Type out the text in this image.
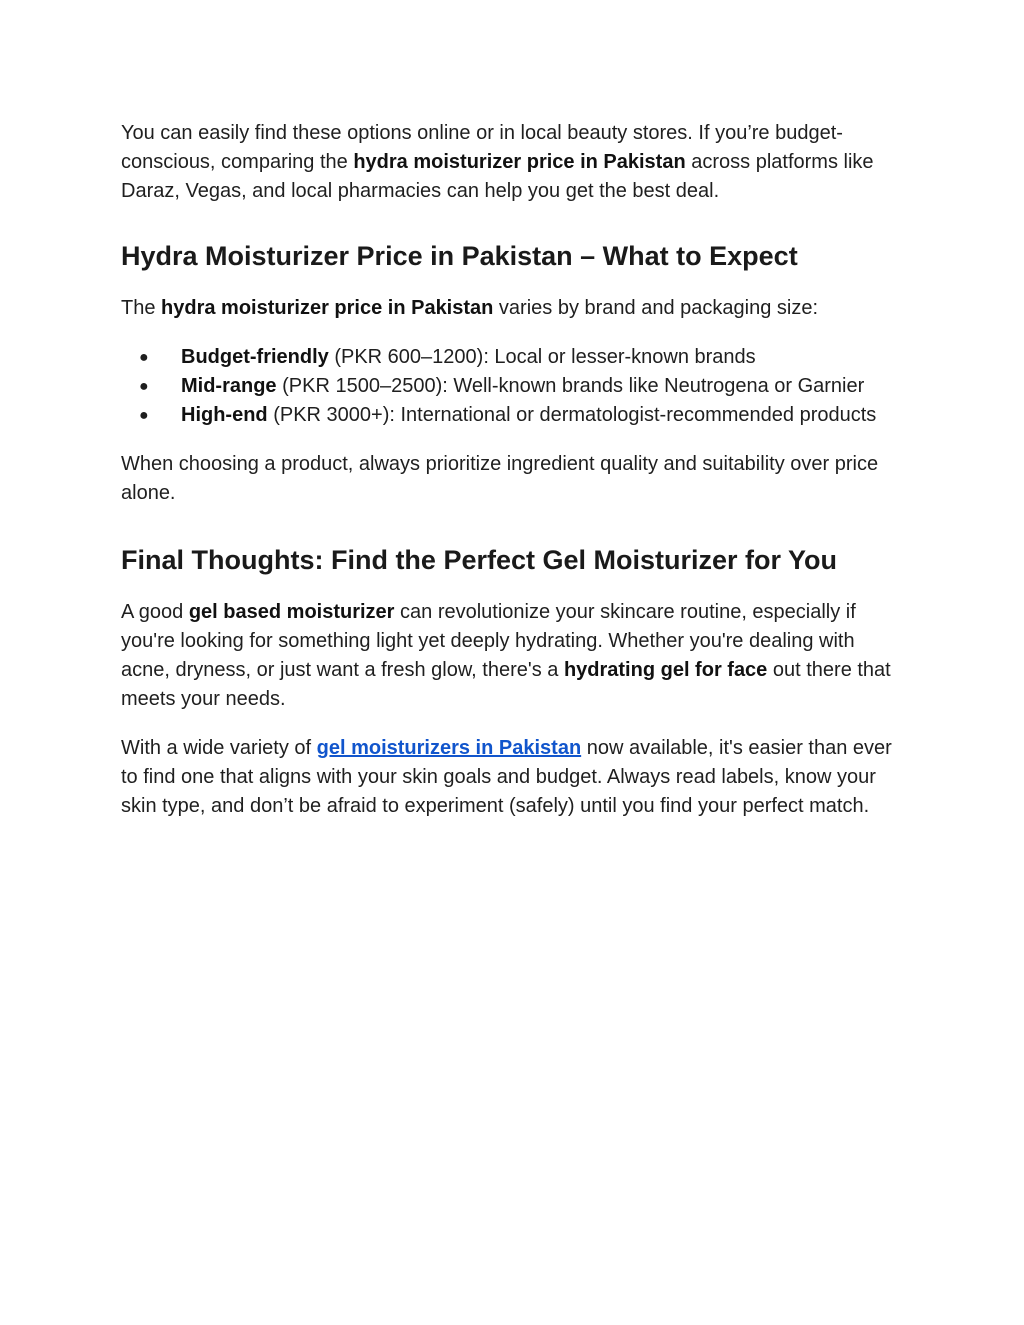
You can easily find these options online or in local beauty stores. If you’re budget-conscious, comparing the hydra moisturizer price in Pakistan across platforms like Daraz, Vegas, and local pharmacies can help you get the best deal.

Hydra Moisturizer Price in Pakistan – What to Expect

The hydra moisturizer price in Pakistan varies by brand and packaging size:

● Budget-friendly (PKR 600–1200): Local or lesser-known brands
● Mid-range (PKR 1500–2500): Well-known brands like Neutrogena or Garnier
● High-end (PKR 3000+): International or dermatologist-recommended products

When choosing a product, always prioritize ingredient quality and suitability over price alone.

Final Thoughts: Find the Perfect Gel Moisturizer for You

A good gel based moisturizer can revolutionize your skincare routine, especially if you're looking for something light yet deeply hydrating. Whether you're dealing with acne, dryness, or just want a fresh glow, there's a hydrating gel for face out there that meets your needs.

With a wide variety of gel moisturizers in Pakistan now available, it's easier than ever to find one that aligns with your skin goals and budget. Always read labels, know your skin type, and don’t be afraid to experiment (safely) until you find your perfect match.
